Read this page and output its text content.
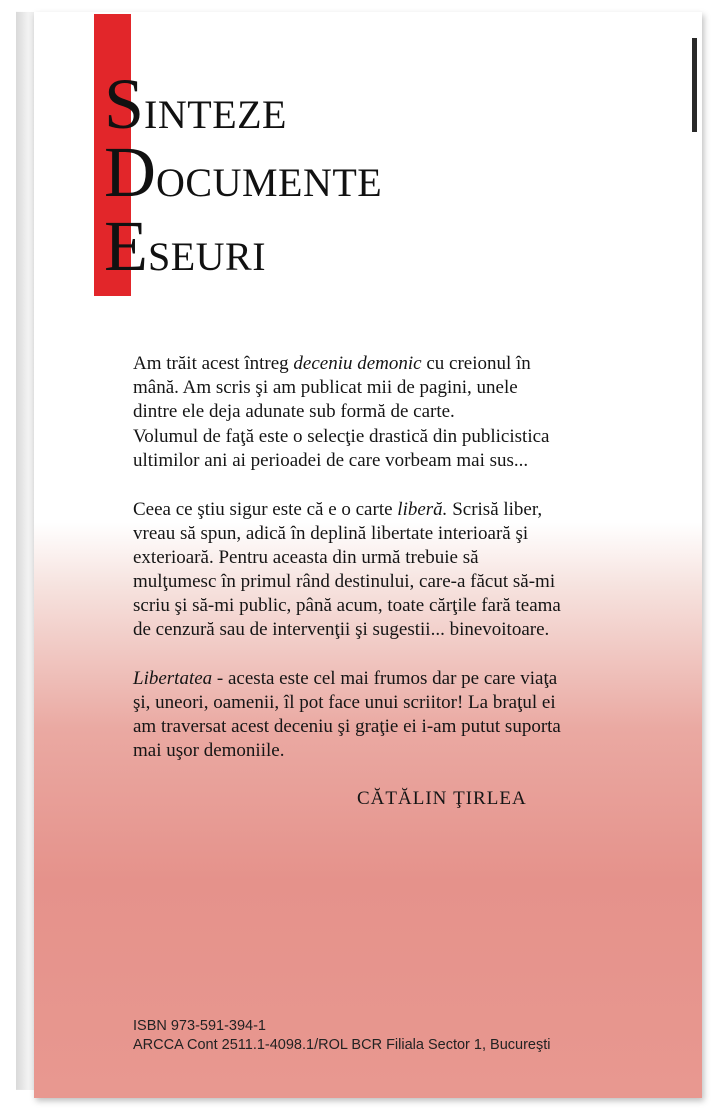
SINTEZE
DOCUMENTE
ESEURI

Am trăit acest întreg deceniu demonic cu creionul în mână. Am scris şi am publicat mii de pagini, unele dintre ele deja adunate sub formă de carte.

Volumul de faţă este o selecţie drastică din publicistica ultimilor ani ai perioadei de care vorbeam mai sus...

Ceea ce ştiu sigur este că e o carte liberă. Scrisă liber, vreau să spun, adică în deplină libertate interioară şi exterioară. Pentru aceasta din urmă trebuie să mulţumesc în primul rând destinului, care-a făcut să-mi scriu şi să-mi public, până acum, toate cărţile fară teama de cenzură sau de intervenţii şi sugestii... binevoitoare.

Libertatea - acesta este cel mai frumos dar pe care viaţa şi, uneori, oamenii, îl pot face unui scriitor! La braţul ei am traversat acest deceniu şi graţie ei i-am putut suporta mai uşor demoniile.

CĂTĂLIN ŢIRLEA
ISBN 973-591-394-1
ARCCA Cont 2511.1-4098.1/ROL BCR Filiala Sector 1, Bucureşti
